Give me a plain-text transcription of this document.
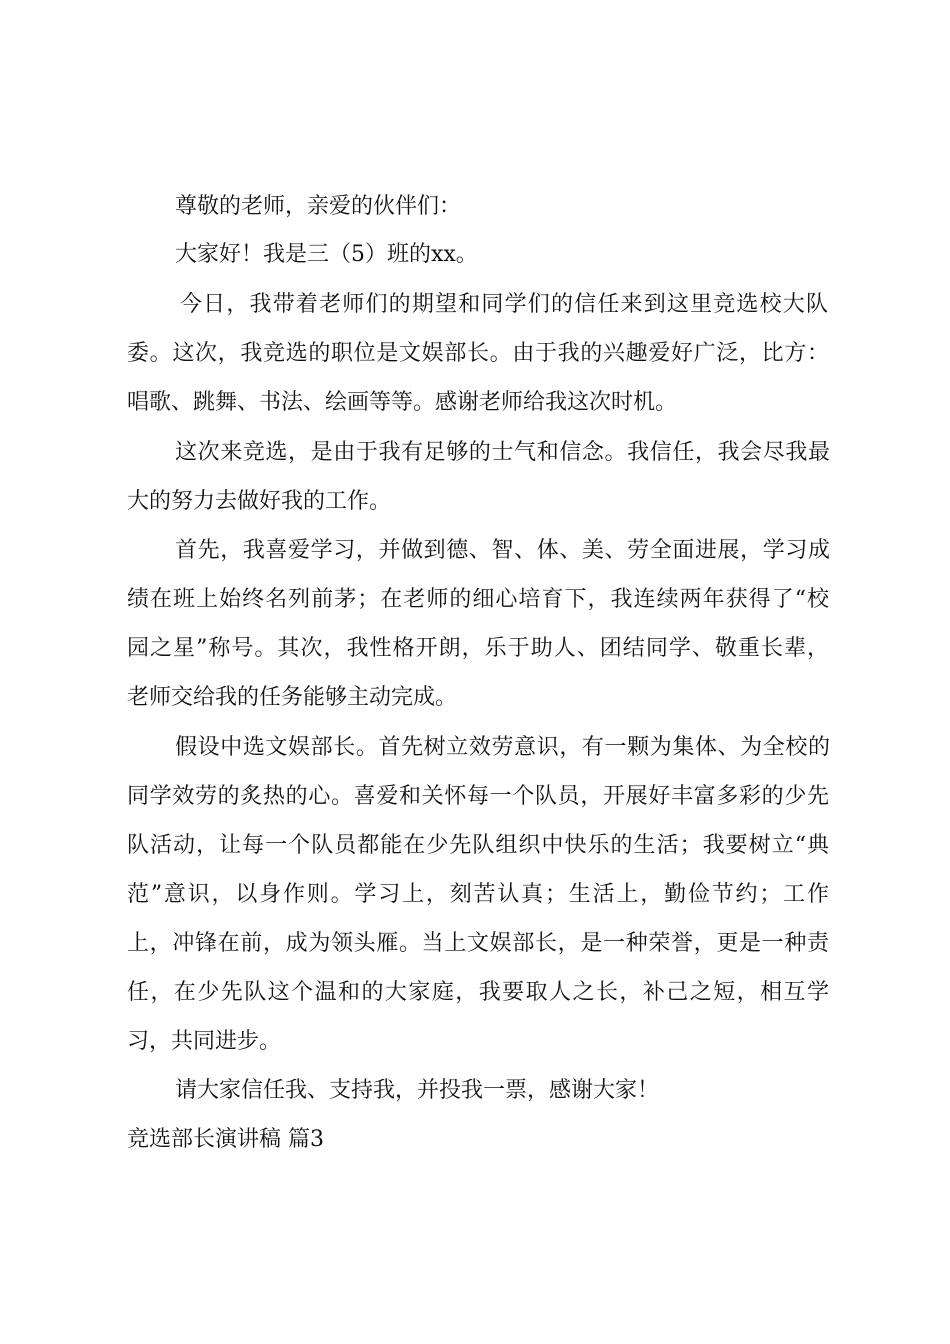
尊敬的老师，亲爱的伙伴们：
大家好！我是三（5）班的xx。
今日，我带着老师们的期望和同学们的信任来到这里竞选校大队
委。这次，我竞选的职位是文娱部长。由于我的兴趣爱好广泛，比方：
唱歌、跳舞、书法、绘画等等。感谢老师给我这次时机。
这次来竞选，是由于我有足够的士气和信念。我信任，我会尽我最
大的努力去做好我的工作。
首先，我喜爱学习，并做到德、智、体、美、劳全面进展，学习成
绩在班上始终名列前茅；在老师的细心培育下，我连续两年获得了“校
园之星”称号。其次，我性格开朗，乐于助人、团结同学、敬重长辈，
老师交给我的任务能够主动完成。
假设中选文娱部长。首先树立效劳意识，有一颗为集体、为全校的
同学效劳的炙热的心。喜爱和关怀每一个队员，开展好丰富多彩的少先
队活动，让每一个队员都能在少先队组织中快乐的生活；我要树立“典
范”意识，以身作则。学习上，刻苦认真；生活上，勤俭节约；工作
上，冲锋在前，成为领头雁。当上文娱部长，是一种荣誉，更是一种责
任，在少先队这个温和的大家庭，我要取人之长，补己之短，相互学
习，共同进步。
请大家信任我、支持我，并投我一票，感谢大家！
竞选部长演讲稿 篇3
